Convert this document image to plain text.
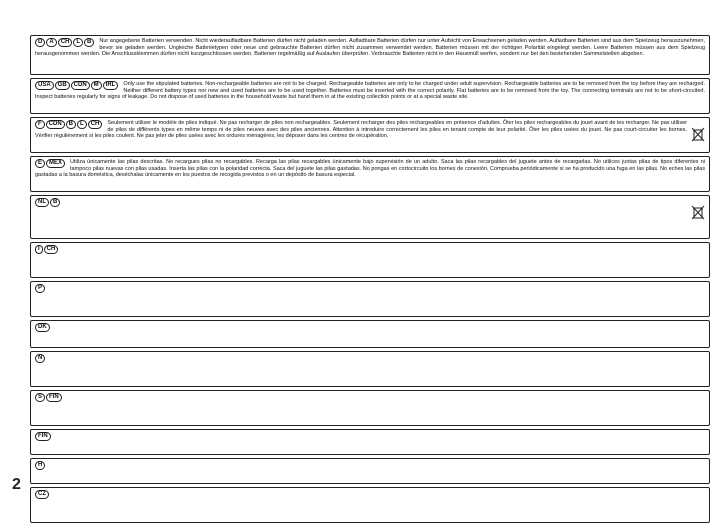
D A CH L B	Nur angegebene Batterien verwenden. Nicht wiederaufladbare Batterien dürfen nicht geladen werden. Aufladbare Batterien dürfen nur unter Aufsicht von Erwachsenen geladen werden. Aufladbare Batterien sind aus dem Spielzeug herauszunehmen, bevor sie geladen werden. Ungleiche Batterietypen oder neue und gebrauchte Batterien dürfen nicht zusammen verwendet werden. Batterien müssen mit der richtigen Polarität eingelegt werden. Leere Batterien müssen aus dem Spielzeug herausgenommen werden. Die Anschlussklemmen dürfen nicht kurzgeschlossen werden. Batterien regelmäßig auf Auslaufen überprüfen. Verbrauchte Batterien nicht in den Hausmüll werfen, sondern nur bei den bestehenden Sammelstellen abgeben.

USA GB CDN M IRL	Only use the stipulated batteries. Non-rechargeable batteries are not to be charged. Rechargeable batteries are only to be charged under adult supervision. Rechargeable batteries are to be removed from the toy before they are recharged. Neither different battery types nor new and used batteries are to be used together. Batteries must be inserted with the correct polarity. Flat batteries are to be removed from the toy. The connecting terminals are not to be short-circuited. Inspect batteries regularly for signs of leakage. Do not dispose of used batteries in the household waste but hand them in at the existing collection points or at a special waste site.

F CDN B L CH	Seulement utiliser le modèle de piles indiqué. Ne pas recharger de piles non rechargeables. Seulement recharger des piles rechargeables en présence d'adultes. Ôter les piles rechargeables du jouet avant de les recharger. Ne pas utiliser de piles de différents types en même temps ni de piles neuves avec des piles anciennes. Attention à introduire correctement les piles en tenant compte de leur polarité. Ôter les piles usées du jouet. Ne pas court-circuiter les bornes. Vérifier régulièrement si les piles coulent. Ne pas jeter de piles usées avec les ordures ménagères, les déposer dans les centres de récupération.

E MEX	Utiliza únicamente las pilas descritas. No recargues pilas no recargables. Recarga las pilas recargables únicamente bajo supervisión de un adulto. Saca las pilas recargables del juguete antes de recargarlas. No utilices juntas pilas de tipos diferentes ni tampoco pilas nuevas con pilas usadas. Inserta las pilas con la polaridad correcta. Saca del juguete las pilas gastadas. No pongas en cortocircuito los bornes de conexión. Comprueba periódicamente si se ha producido una fuga en las pilas. No eches las pilas gastadas a la basura doméstica, deséchalas únicamente en los puestos de recogida previstos o en un depósito de basura especial.

NL B

I CH

P

DK

N

S FIN

FIN

H

CZ

2
